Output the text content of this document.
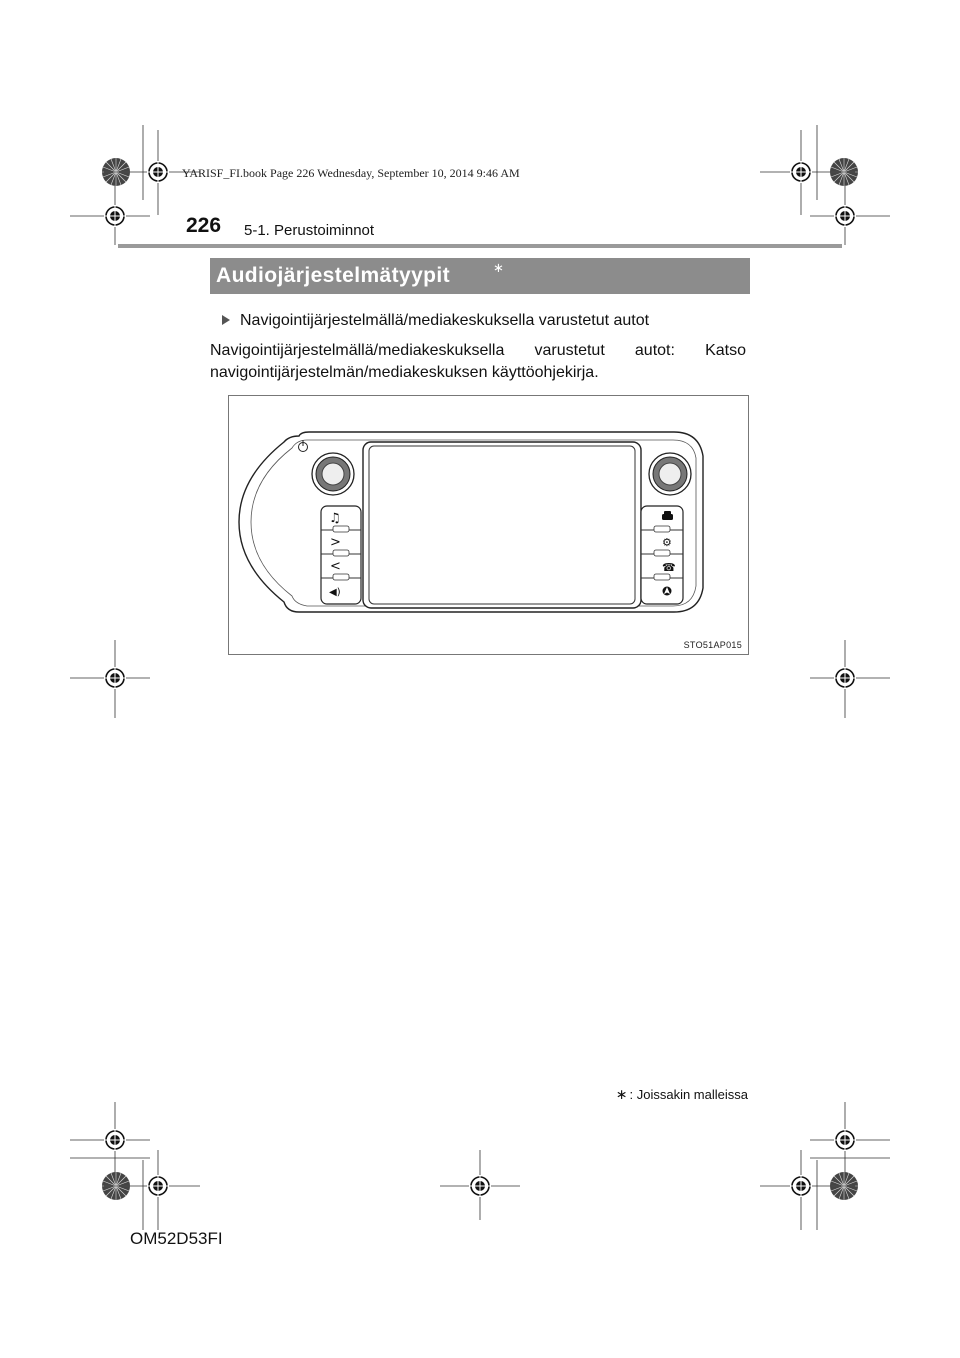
YARISF_FI.book Page 226 Wednesday, September 10, 2014 9:46 AM
226 5-1. Perustoiminnot
Audiojärjestelmätyypit	∗
Navigointijärjestelmällä/mediakeskuksella varustetut autot
Navigointijärjestelmällä/mediakeskuksella varustetut autot: Katso navigointijärjestelmän/mediakeskuksen käyttöohjekirja.
♫
>
<
◀)
⚙
☎
STO51AP015
∗ : Joissakin malleissa
OM52D53FI
